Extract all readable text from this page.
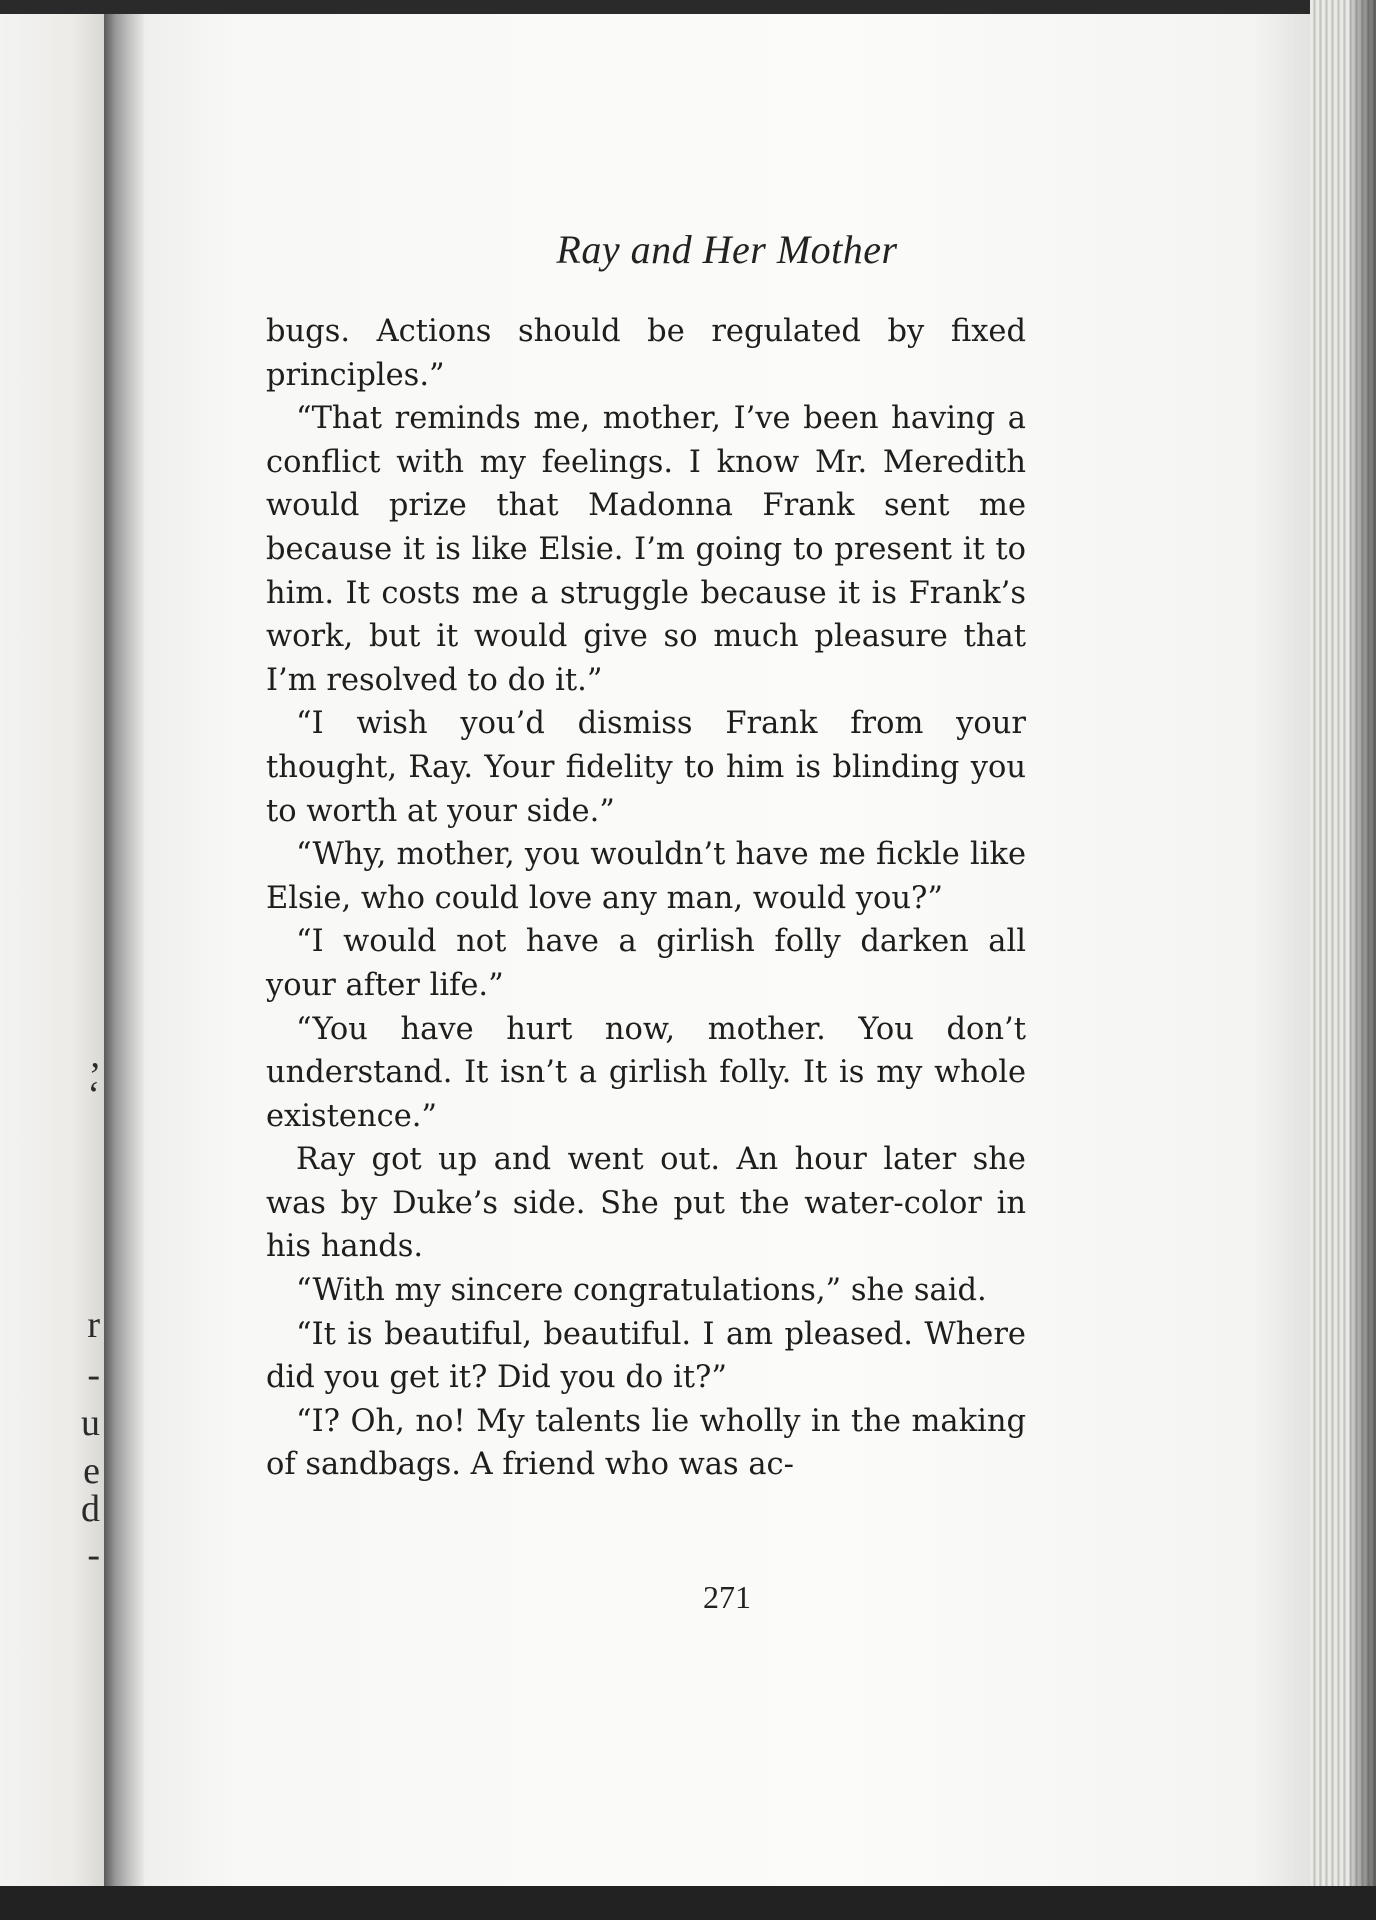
,
‘
r
-
u
e
d
-
Ray and Her Mother

bugs. Actions should be regulated by fixed principles.”

“That reminds me, mother, I’ve been having a conflict with my feelings. I know Mr. Meredith would prize that Madonna Frank sent me because it is like Elsie. I’m going to present it to him. It costs me a struggle because it is Frank’s work, but it would give so much pleasure that I’m resolved to do it.”

“I wish you’d dismiss Frank from your thought, Ray. Your fidelity to him is blinding you to worth at your side.”

“Why, mother, you wouldn’t have me fickle like Elsie, who could love any man, would you?”

“I would not have a girlish folly darken all your after life.”

“You have hurt now, mother. You don’t understand. It isn’t a girlish folly. It is my whole existence.”

Ray got up and went out. An hour later she was by Duke’s side. She put the water-color in his hands.

“With my sincere congratulations,” she said.

“It is beautiful, beautiful. I am pleased. Where did you get it? Did you do it?”

“I? Oh, no! My talents lie wholly in the making of sandbags. A friend who was ac-

271
